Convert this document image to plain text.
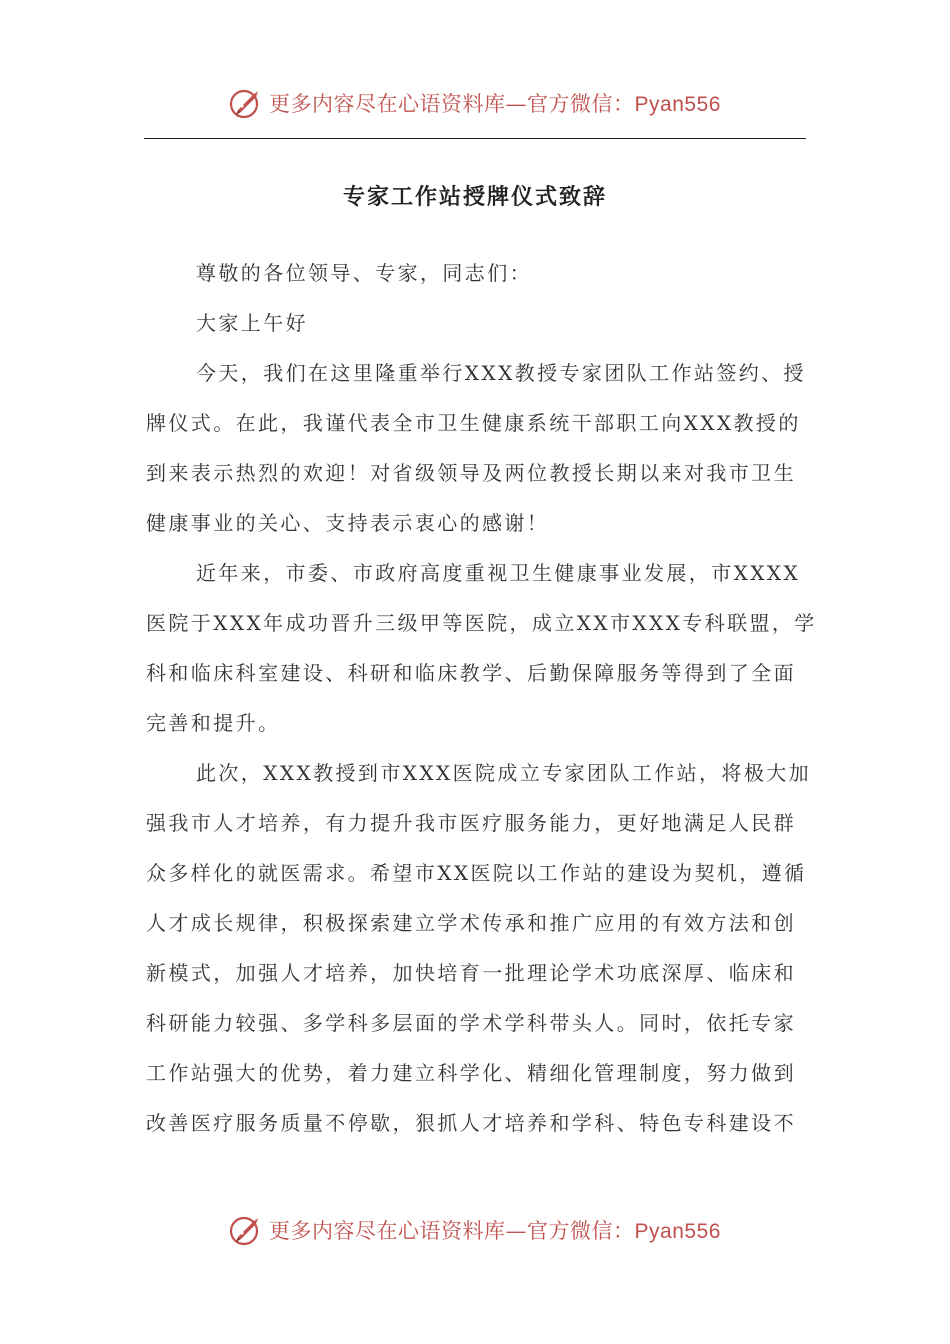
更多内容尽在心语资料库—官方微信：Pyan556
专家工作站授牌仪式致辞
尊敬的各位领导、专家，同志们：
大家上午好
今天，我们在这里隆重举行XXX教授专家团队工作站签约、授
牌仪式。在此，我谨代表全市卫生健康系统干部职工向XXX教授的
到来表示热烈的欢迎！对省级领导及两位教授长期以来对我市卫生
健康事业的关心、支持表示衷心的感谢！
近年来，市委、市政府高度重视卫生健康事业发展，市XXXX
医院于XXX年成功晋升三级甲等医院，成立XX市XXX专科联盟，学
科和临床科室建设、科研和临床教学、后勤保障服务等得到了全面
完善和提升。
此次，XXX教授到市XXX医院成立专家团队工作站，将极大加
强我市人才培养，有力提升我市医疗服务能力，更好地满足人民群
众多样化的就医需求。希望市XX医院以工作站的建设为契机，遵循
人才成长规律，积极探索建立学术传承和推广应用的有效方法和创
新模式，加强人才培养，加快培育一批理论学术功底深厚、临床和
科研能力较强、多学科多层面的学术学科带头人。同时，依托专家
工作站强大的优势，着力建立科学化、精细化管理制度，努力做到
改善医疗服务质量不停歇，狠抓人才培养和学科、特色专科建设不
更多内容尽在心语资料库—官方微信：Pyan556
